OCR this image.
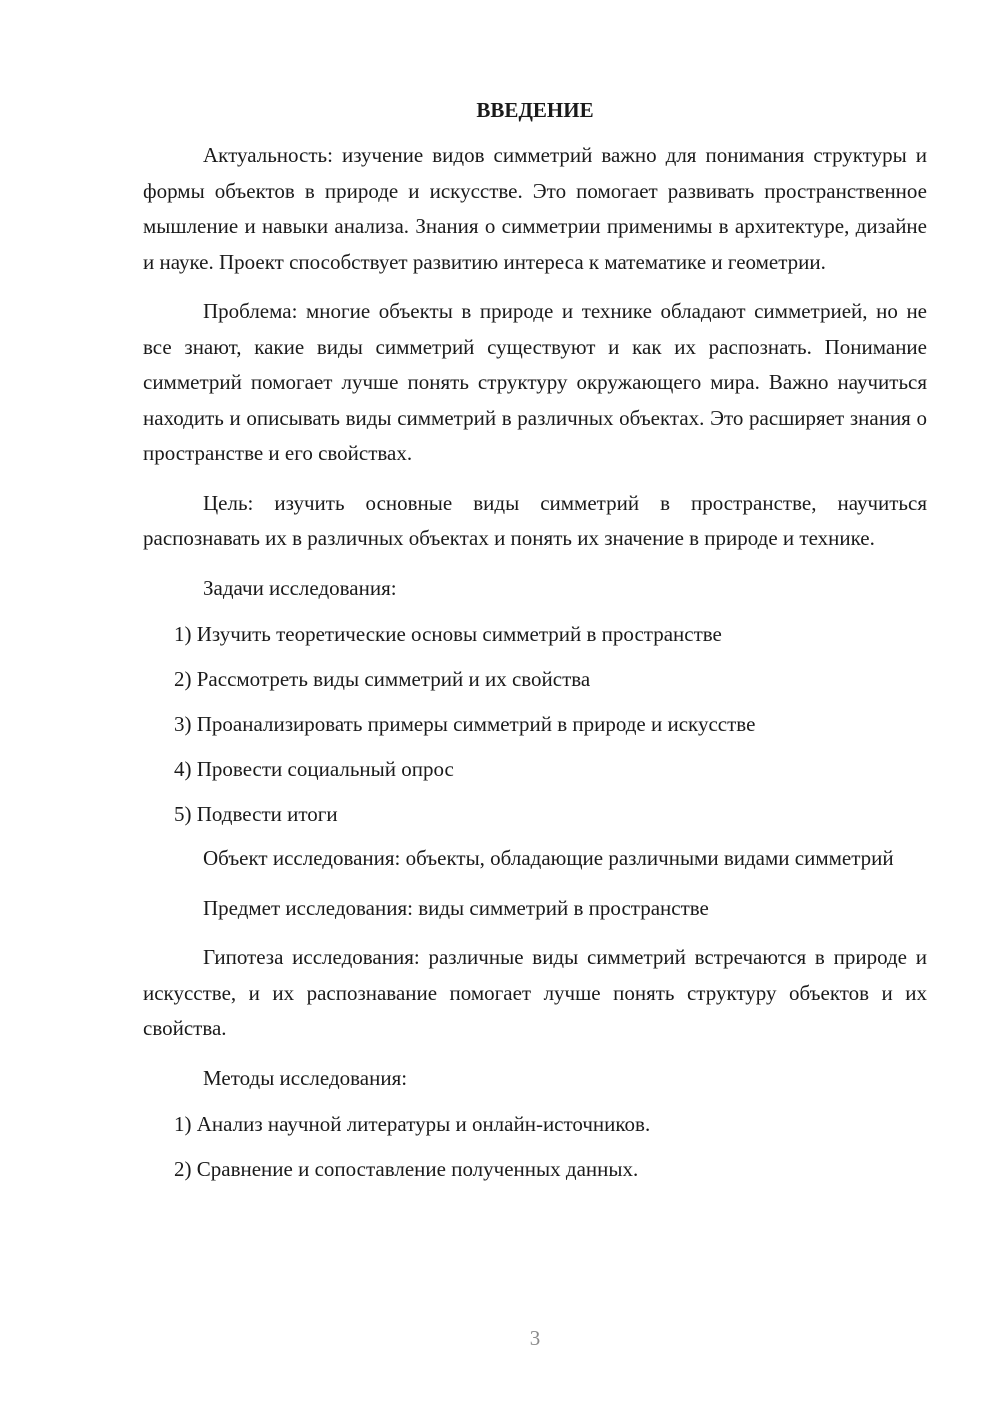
ВВЕДЕНИЕ

Актуальность: изучение видов симметрий важно для понимания структуры и формы объектов в природе и искусстве. Это помогает развивать пространственное мышление и навыки анализа. Знания о симметрии применимы в архитектуре, дизайне и науке. Проект способствует развитию интереса к математике и геометрии.

Проблема: многие объекты в природе и технике обладают симметрией, но не все знают, какие виды симметрий существуют и как их распознать. Понимание симметрий помогает лучше понять структуру окружающего мира. Важно научиться находить и описывать виды симметрий в различных объектах. Это расширяет знания о пространстве и его свойствах.

Цель: изучить основные виды симметрий в пространстве, научиться распознавать их в различных объектах и понять их значение в природе и технике.

Задачи исследования:

1) Изучить теоретические основы симметрий в пространстве
2) Рассмотреть виды симметрий и их свойства
3) Проанализировать примеры симметрий в природе и искусстве
4) Провести социальный опрос
5) Подвести итоги

Объект исследования: объекты, обладающие различными видами симметрий

Предмет исследования: виды симметрий в пространстве

Гипотеза исследования: различные виды симметрий встречаются в природе и искусстве, и их распознавание помогает лучше понять структуру объектов и их свойства.

Методы исследования:

1) Анализ научной литературы и онлайн-источников.
2) Сравнение и сопоставление полученных данных.
3
